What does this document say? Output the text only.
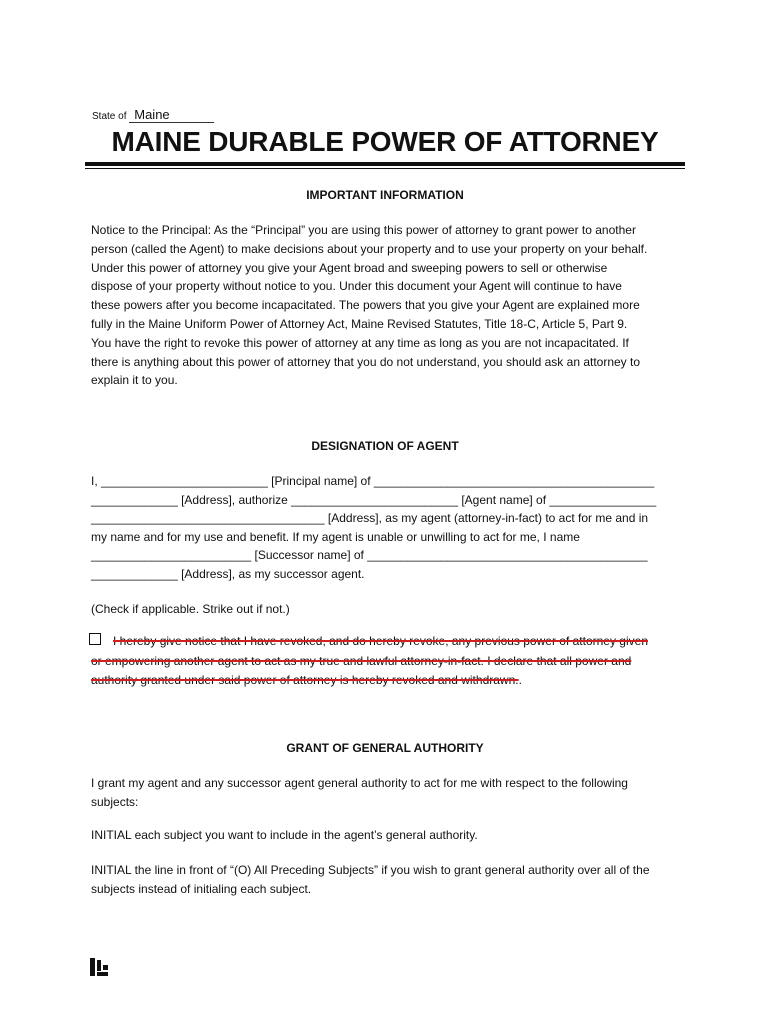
State of Maine
MAINE DURABLE POWER OF ATTORNEY
IMPORTANT INFORMATION
Notice to the Principal: As the “Principal” you are using this power of attorney to grant power to another
person (called the Agent) to make decisions about your property and to use your property on your behalf.
Under this power of attorney you give your Agent broad and sweeping powers to sell or otherwise
dispose of your property without notice to you. Under this document your Agent will continue to have
these powers after you become incapacitated. The powers that you give your Agent are explained more
fully in the Maine Uniform Power of Attorney Act, Maine Revised Statutes, Title 18-C, Article 5, Part 9.
You have the right to revoke this power of attorney at any time as long as you are not incapacitated. If
there is anything about this power of attorney that you do not understand, you should ask an attorney to
explain it to you.
DESIGNATION OF AGENT
I, _________________________ [Principal name] of __________________________________________
_____________ [Address], authorize _________________________ [Agent name] of ________________
___________________________________ [Address], as my agent (attorney-in-fact) to act for me and in
my name and for my use and benefit. If my agent is unable or unwilling to act for me, I name
________________________ [Successor name] of __________________________________________
_____________ [Address], as my successor agent.
(Check if applicable. Strike out if not.)
I hereby give notice that I have revoked, and do hereby revoke, any previous power of attorney given
or empowering another agent to act as my true and lawful attorney-in-fact. I declare that all power and
authority granted under said power of attorney is hereby revoked and withdrawn..
GRANT OF GENERAL AUTHORITY
I grant my agent and any successor agent general authority to act for me with respect to the following
subjects:
INITIAL each subject you want to include in the agent’s general authority.
INITIAL the line in front of “(O) All Preceding Subjects” if you wish to grant general authority over all of the
subjects instead of initialing each subject.
